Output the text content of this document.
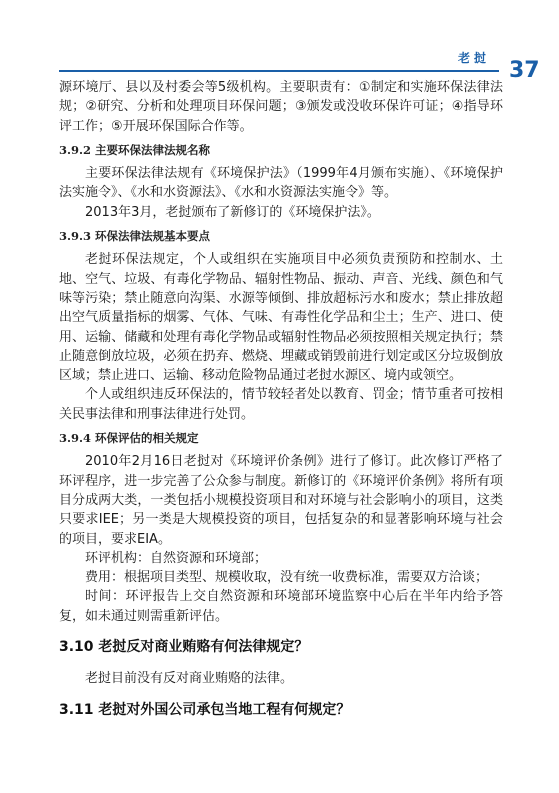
老挝 37

源环境厅、县以及村委会等5级机构。主要职责有：①制定和实施环保法律法规；②研究、分析和处理项目环保问题；③颁发或没收环保许可证；④指导环评工作；⑤开展环保国际合作等。

3.9.2 主要环保法律法规名称

主要环保法律法规有《环境保护法》（1999年4月颁布实施）、《环境保护法实施令》、《水和水资源法》、《水和水资源法实施令》等。

2013年3月，老挝颁布了新修订的《环境保护法》。

3.9.3 环保法律法规基本要点

老挝环保法规定，个人或组织在实施项目中必须负责预防和控制水、土地、空气、垃圾、有毒化学物品、辐射性物品、振动、声音、光线、颜色和气味等污染；禁止随意向沟渠、水源等倾倒、排放超标污水和废水；禁止排放超出空气质量指标的烟雾、气体、气味、有毒性化学品和尘土；生产、进口、使用、运输、储藏和处理有毒化学物品或辐射性物品必须按照相关规定执行；禁止随意倒放垃圾，必须在扔弃、燃烧、埋藏或销毁前进行划定或区分垃圾倒放区域；禁止进口、运输、移动危险物品通过老挝水源区、境内或领空。

个人或组织违反环保法的，情节较轻者处以教育、罚金；情节重者可按相关民事法律和刑事法律进行处罚。

3.9.4 环保评估的相关规定

2010年2月16日老挝对《环境评价条例》进行了修订。此次修订严格了环评程序，进一步完善了公众参与制度。新修订的《环境评价条例》将所有项目分成两大类，一类包括小规模投资项目和对环境与社会影响小的项目，这类只要求IEE；另一类是大规模投资的项目，包括复杂的和显著影响环境与社会的项目，要求EIA。

环评机构：自然资源和环境部；

费用：根据项目类型、规模收取，没有统一收费标准，需要双方洽谈；

时间：环评报告上交自然资源和环境部环境监察中心后在半年内给予答复，如未通过则需重新评估。

3.10 老挝反对商业贿赂有何法律规定？

老挝目前没有反对商业贿赂的法律。

3.11 老挝对外国公司承包当地工程有何规定？
